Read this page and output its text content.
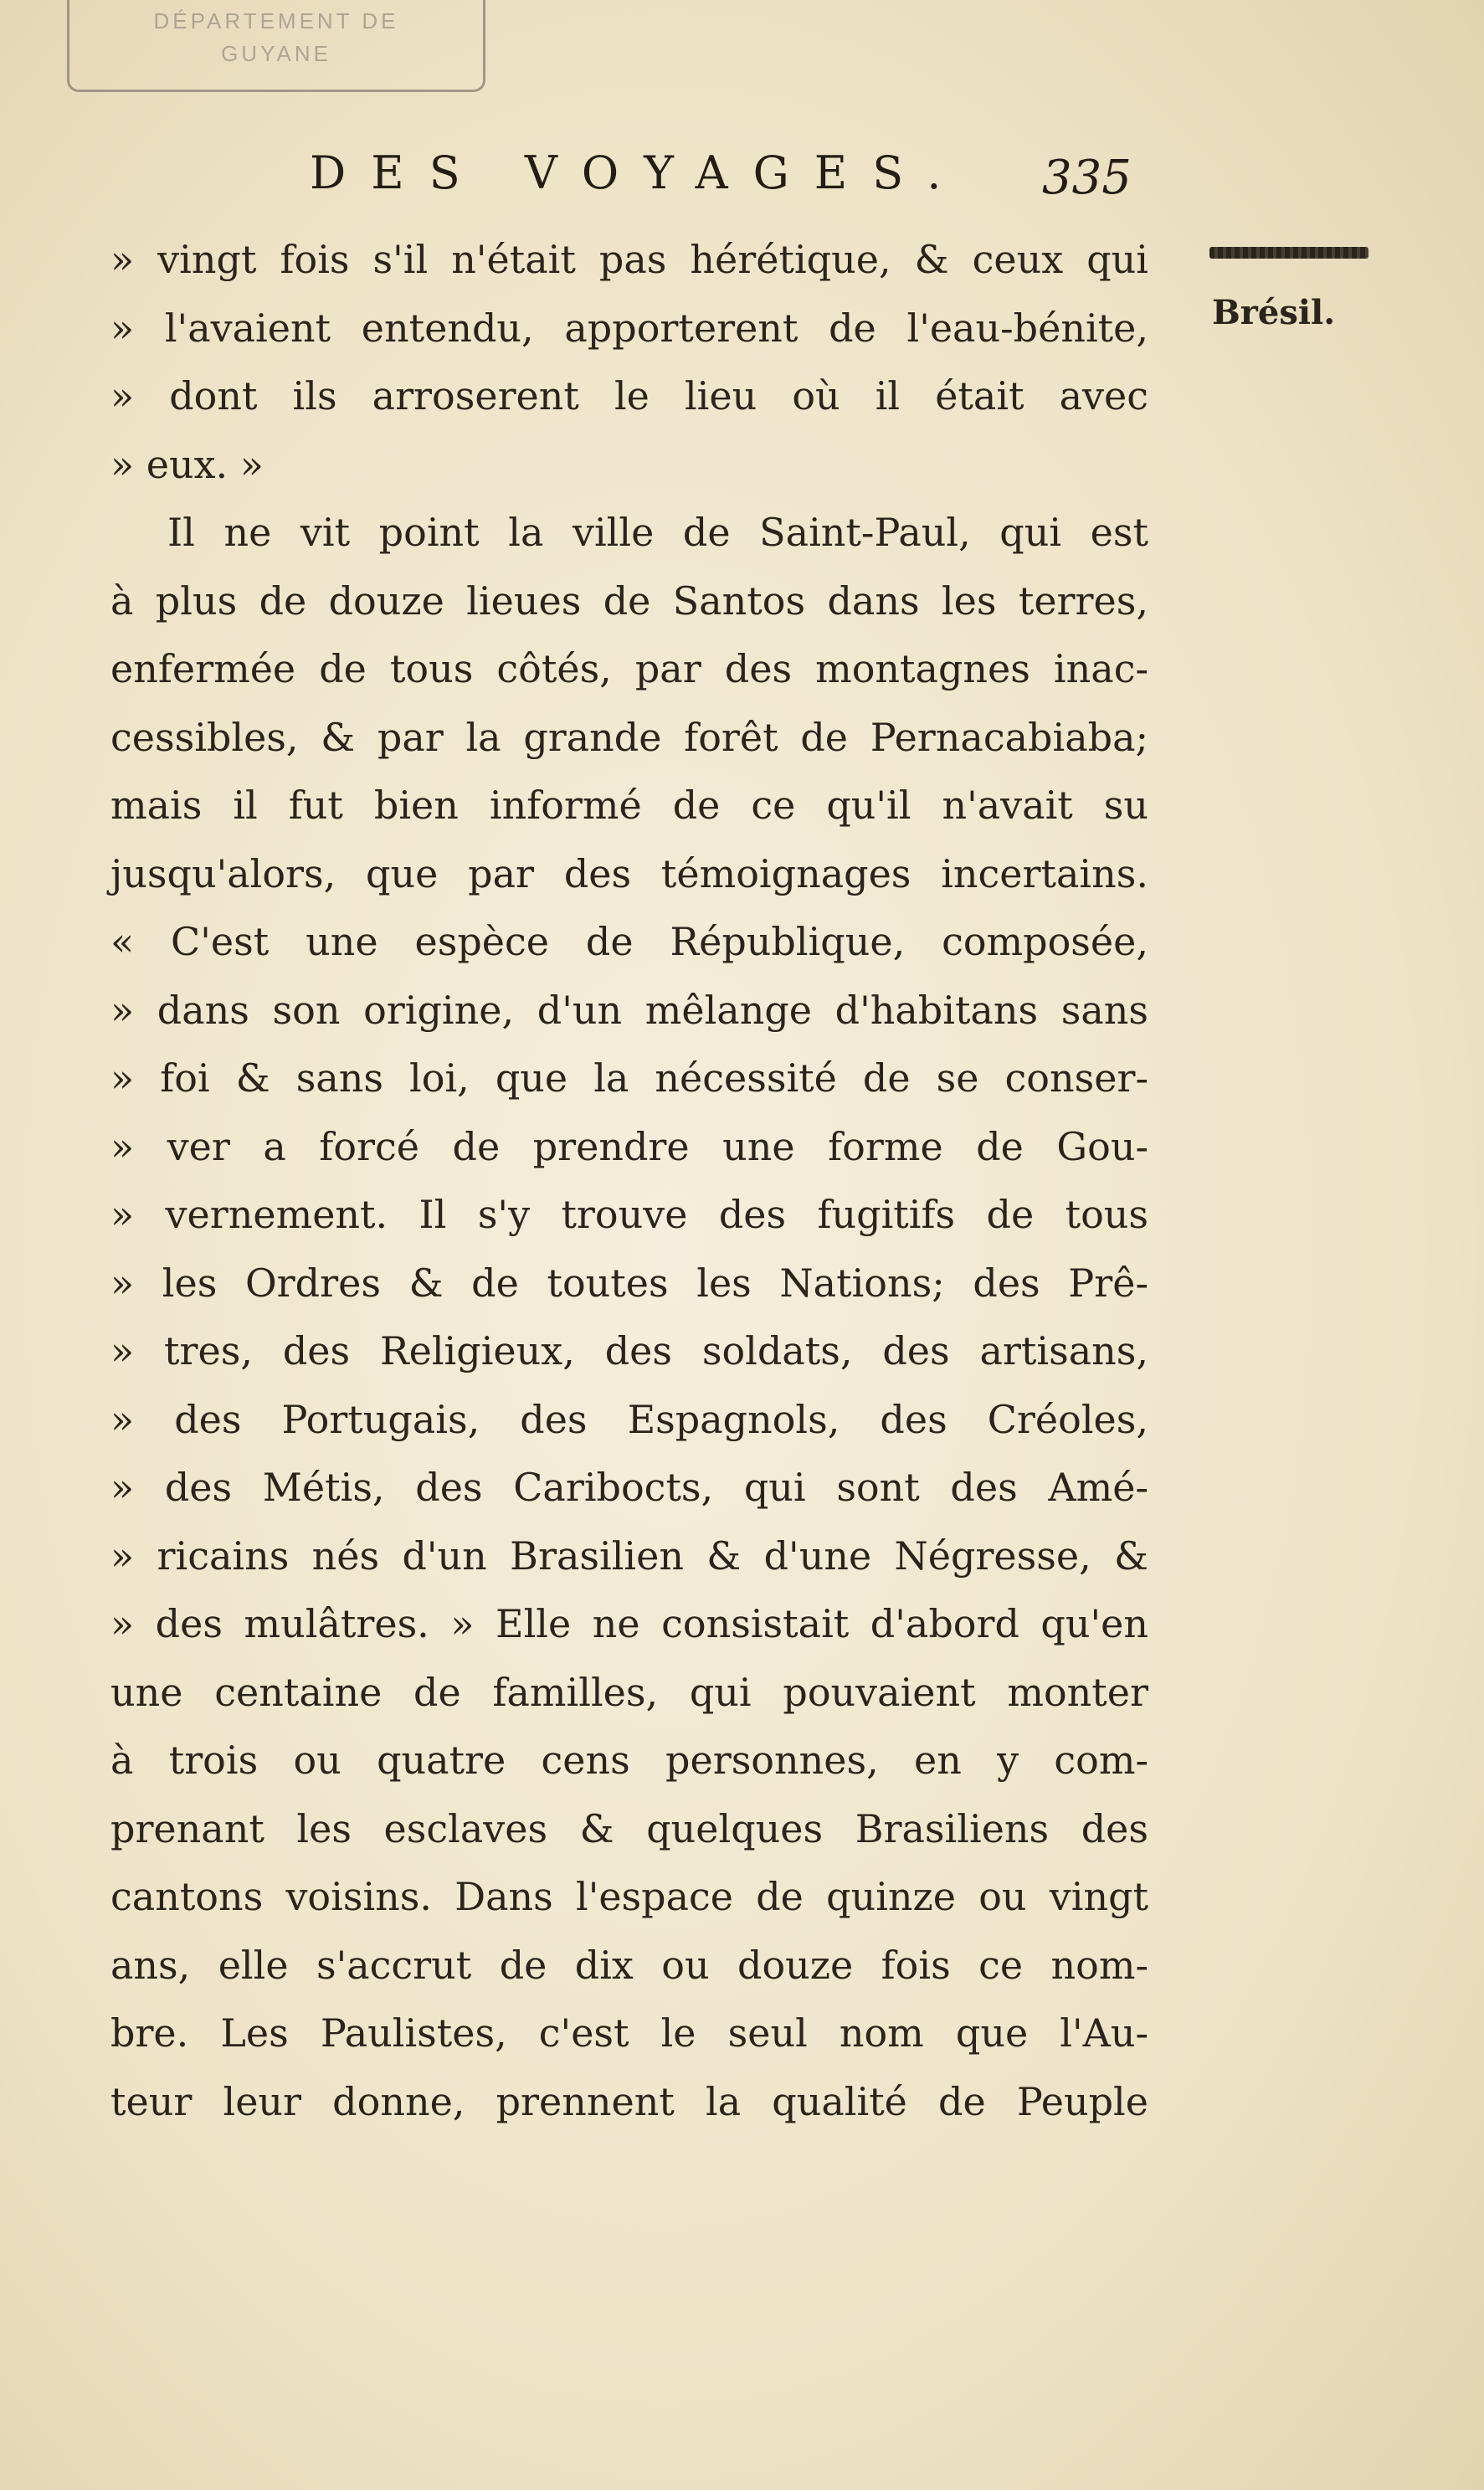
DÉPARTEMENT DE
GUYANE
DES VOYAGES. 335
Brésil.
» vingt fois s'il n'était pas hérétique, & ceux qui
» l'avaient entendu, apporterent de l'eau-bénite,
» dont ils arroserent le lieu où il était avec
» eux. »
Il ne vit point la ville de Saint-Paul, qui est
à plus de douze lieues de Santos dans les terres,
enfermée de tous côtés, par des montagnes inac-
cessibles, & par la grande forêt de Pernacabiaba;
mais il fut bien informé de ce qu'il n'avait su
jusqu'alors, que par des témoignages incertains.
« C'est une espèce de République, composée,
» dans son origine, d'un mêlange d'habitans sans
» foi & sans loi, que la nécessité de se conser-
» ver a forcé de prendre une forme de Gou-
» vernement. Il s'y trouve des fugitifs de tous
» les Ordres & de toutes les Nations; des Prê-
» tres, des Religieux, des soldats, des artisans,
» des Portugais, des Espagnols, des Créoles,
» des Métis, des Caribocts, qui sont des Amé-
» ricains nés d'un Brasilien & d'une Négresse, &
» des mulâtres. » Elle ne consistait d'abord qu'en
une centaine de familles, qui pouvaient monter
à trois ou quatre cens personnes, en y com-
prenant les esclaves & quelques Brasiliens des
cantons voisins. Dans l'espace de quinze ou vingt
ans, elle s'accrut de dix ou douze fois ce nom-
bre. Les Paulistes, c'est le seul nom que l'Au-
teur leur donne, prennent la qualité de Peuple
